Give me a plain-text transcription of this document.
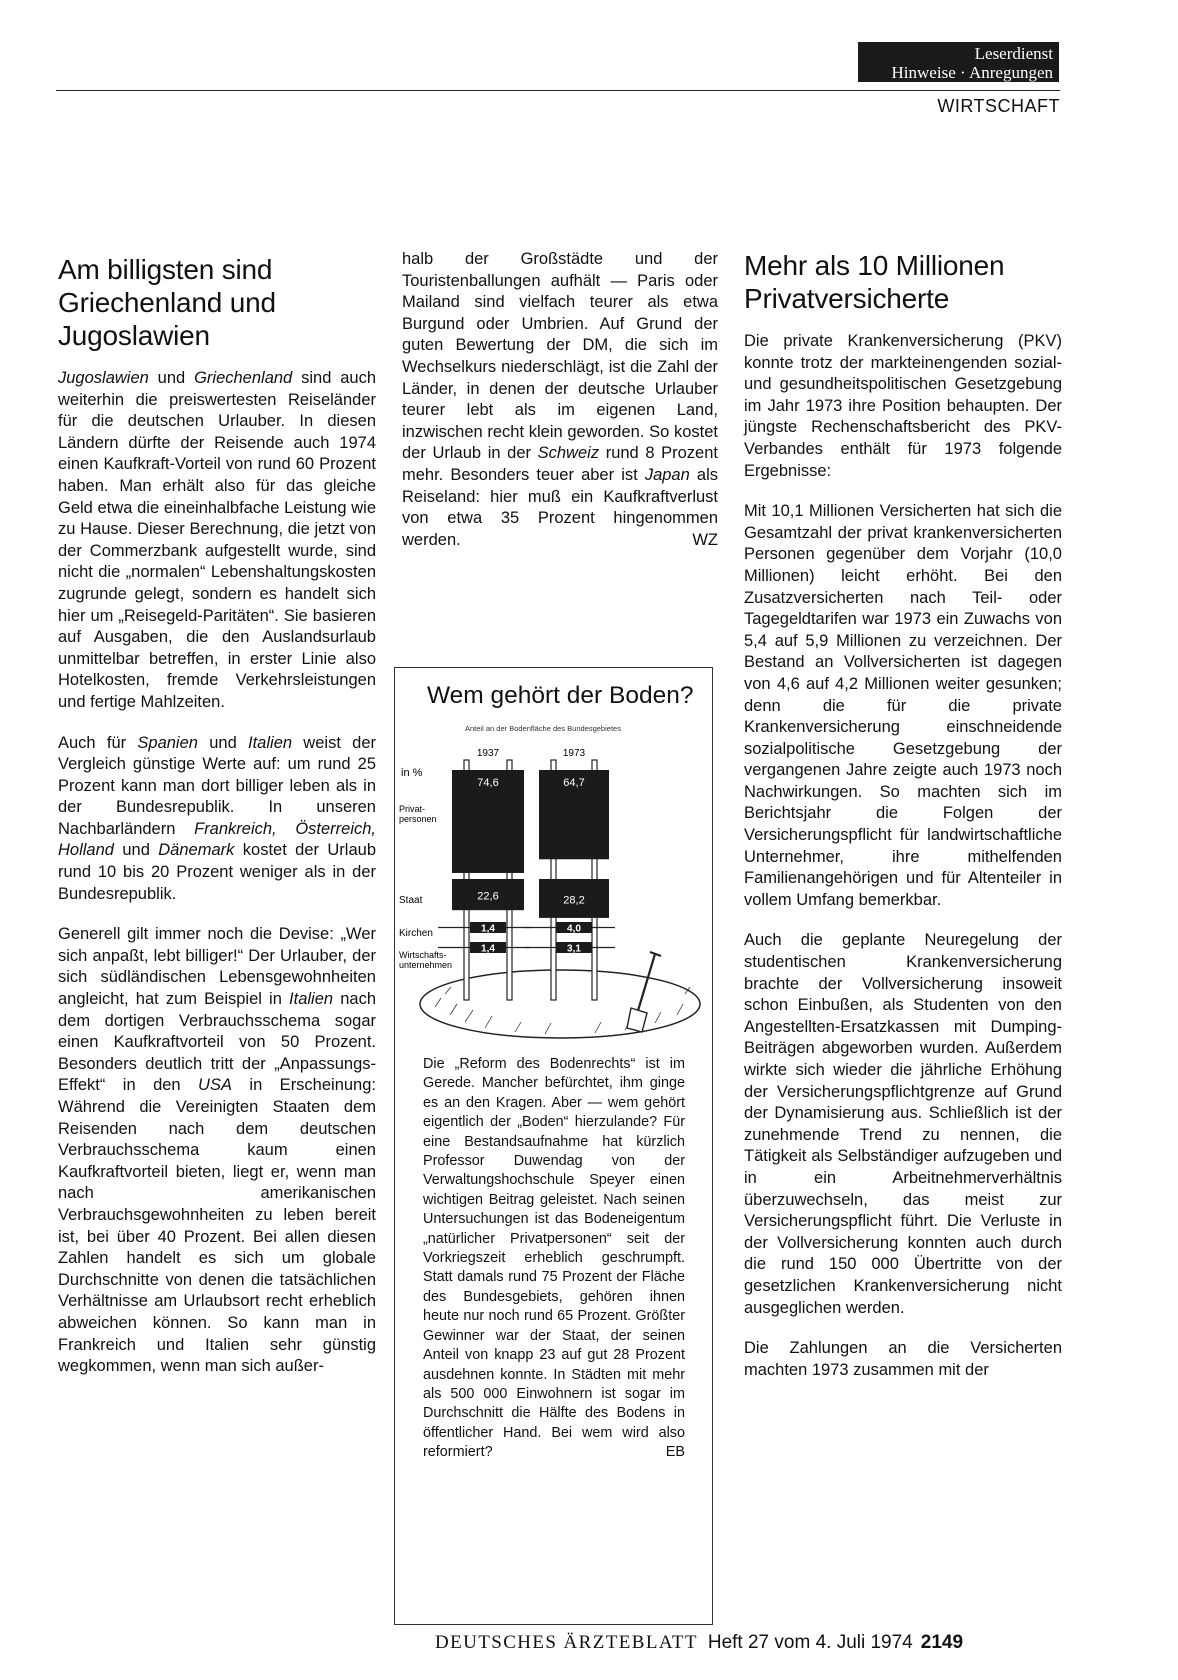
Leserdienst
Hinweise · Anregungen
WIRTSCHAFT
Am billigsten sind Griechenland und Jugoslawien

Jugoslawien und Griechenland sind auch weiterhin die preiswertesten Reiseländer für die deutschen Urlauber. In diesen Ländern dürfte der Reisende auch 1974 einen Kaufkraft-Vorteil von rund 60 Prozent haben. Man erhält also für das gleiche Geld etwa die eineinhalbfache Leistung wie zu Hause. Dieser Berechnung, die jetzt von der Commerzbank aufgestellt wurde, sind nicht die „normalen“ Lebenshaltungskosten zugrunde gelegt, sondern es handelt sich hier um „Reisegeld-Paritäten“. Sie basieren auf Ausgaben, die den Auslandsurlaub unmittelbar betreffen, in erster Linie also Hotelkosten, fremde Verkehrsleistungen und fertige Mahlzeiten.

Auch für Spanien und Italien weist der Vergleich günstige Werte auf: um rund 25 Prozent kann man dort billiger leben als in der Bundesrepublik. In unseren Nachbarländern Frankreich, Österreich, Holland und Dänemark kostet der Urlaub rund 10 bis 20 Prozent weniger als in der Bundesrepublik.

Generell gilt immer noch die Devise: „Wer sich anpaßt, lebt billiger!“ Der Urlauber, der sich südländischen Lebensgewohnheiten angleicht, hat zum Beispiel in Italien nach dem dortigen Verbrauchsschema sogar einen Kaufkraftvorteil von 50 Prozent. Besonders deutlich tritt der „Anpassungs-Effekt“ in den USA in Erscheinung: Während die Vereinigten Staaten dem Reisenden nach dem deutschen Verbrauchsschema kaum einen Kaufkraftvorteil bieten, liegt er, wenn man nach amerikanischen Verbrauchsgewohnheiten zu leben bereit ist, bei über 40 Prozent. Bei allen diesen Zahlen handelt es sich um globale Durchschnitte von denen die tatsächlichen Verhältnisse am Urlaubsort recht erheblich abweichen können. So kann man in Frankreich und Italien sehr günstig wegkommen, wenn man sich außer-

halb der Großstädte und der Touristenballungen aufhält — Paris oder Mailand sind vielfach teurer als etwa Burgund oder Umbrien. Auf Grund der guten Bewertung der DM, die sich im Wechselkurs niederschlägt, ist die Zahl der Länder, in denen der deutsche Urlauber teurer lebt als im eigenen Land, inzwischen recht klein geworden. So kostet der Urlaub in der Schweiz rund 8 Prozent mehr. Besonders teuer aber ist Japan als Reiseland: hier muß ein Kaufkraftverlust von etwa 35 Prozent hingenommen werden.	WZ

Wem gehört der Boden?
Anteil an der Bodenfläche des Bundesgebietes
in %
Privat-personen
Staat
Kirchen
Wirtschafts-unternehmen
1937
74,6
22,6
1,4
1,4
1973
64,7
28,2
4,0
3,1

Die „Reform des Bodenrechts“ ist im Gerede. Mancher befürchtet, ihm ginge es an den Kragen. Aber — wem gehört eigentlich der „Boden“ hierzulande? Für eine Bestandsaufnahme hat kürzlich Professor Duwendag von der Verwaltungshochschule Speyer einen wichtigen Beitrag geleistet. Nach seinen Untersuchungen ist das Bodeneigentum „natürlicher Privatpersonen“ seit der Vorkriegszeit erheblich geschrumpft. Statt damals rund 75 Prozent der Fläche des Bundesgebiets, gehören ihnen heute nur noch rund 65 Prozent. Größter Gewinner war der Staat, der seinen Anteil von knapp 23 auf gut 28 Prozent ausdehnen konnte. In Städten mit mehr als 500 000 Einwohnern ist sogar im Durchschnitt die Hälfte des Bodens in öffentlicher Hand. Bei wem wird also reformiert?	EB

Mehr als 10 Millionen Privatversicherte

Die private Krankenversicherung (PKV) konnte trotz der markteinengenden sozial- und gesundheitspolitischen Gesetzgebung im Jahr 1973 ihre Position behaupten. Der jüngste Rechenschaftsbericht des PKV-Verbandes enthält für 1973 folgende Ergebnisse:

Mit 10,1 Millionen Versicherten hat sich die Gesamtzahl der privat krankenversicherten Personen gegenüber dem Vorjahr (10,0 Millionen) leicht erhöht. Bei den Zusatzversicherten nach Teil- oder Tagegeldtarifen war 1973 ein Zuwachs von 5,4 auf 5,9 Millionen zu verzeichnen. Der Bestand an Vollversicherten ist dagegen von 4,6 auf 4,2 Millionen weiter gesunken; denn die für die private Krankenversicherung einschneidende sozialpolitische Gesetzgebung der vergangenen Jahre zeigte auch 1973 noch Nachwirkungen. So machten sich im Berichtsjahr die Folgen der Versicherungspflicht für landwirtschaftliche Unternehmer, ihre mithelfenden Familienangehörigen und für Altenteiler in vollem Umfang bemerkbar.

Auch die geplante Neuregelung der studentischen Krankenversicherung brachte der Vollversicherung insoweit schon Einbußen, als Studenten von den Angestellten-Ersatzkassen mit Dumping-Beiträgen abgeworben wurden. Außerdem wirkte sich wieder die jährliche Erhöhung der Versicherungspflichtgrenze auf Grund der Dynamisierung aus. Schließlich ist der zunehmende Trend zu nennen, die Tätigkeit als Selbständiger aufzugeben und in ein Arbeitnehmerverhältnis überzuwechseln, das meist zur Versicherungspflicht führt. Die Verluste in der Vollversicherung konnten auch durch die rund 150 000 Übertritte von der gesetzlichen Krankenversicherung nicht ausgeglichen werden.

Die Zahlungen an die Versicherten machten 1973 zusammen mit der

DEUTSCHES ÄRZTEBLATT Heft 27 vom 4. Juli 1974 2149
